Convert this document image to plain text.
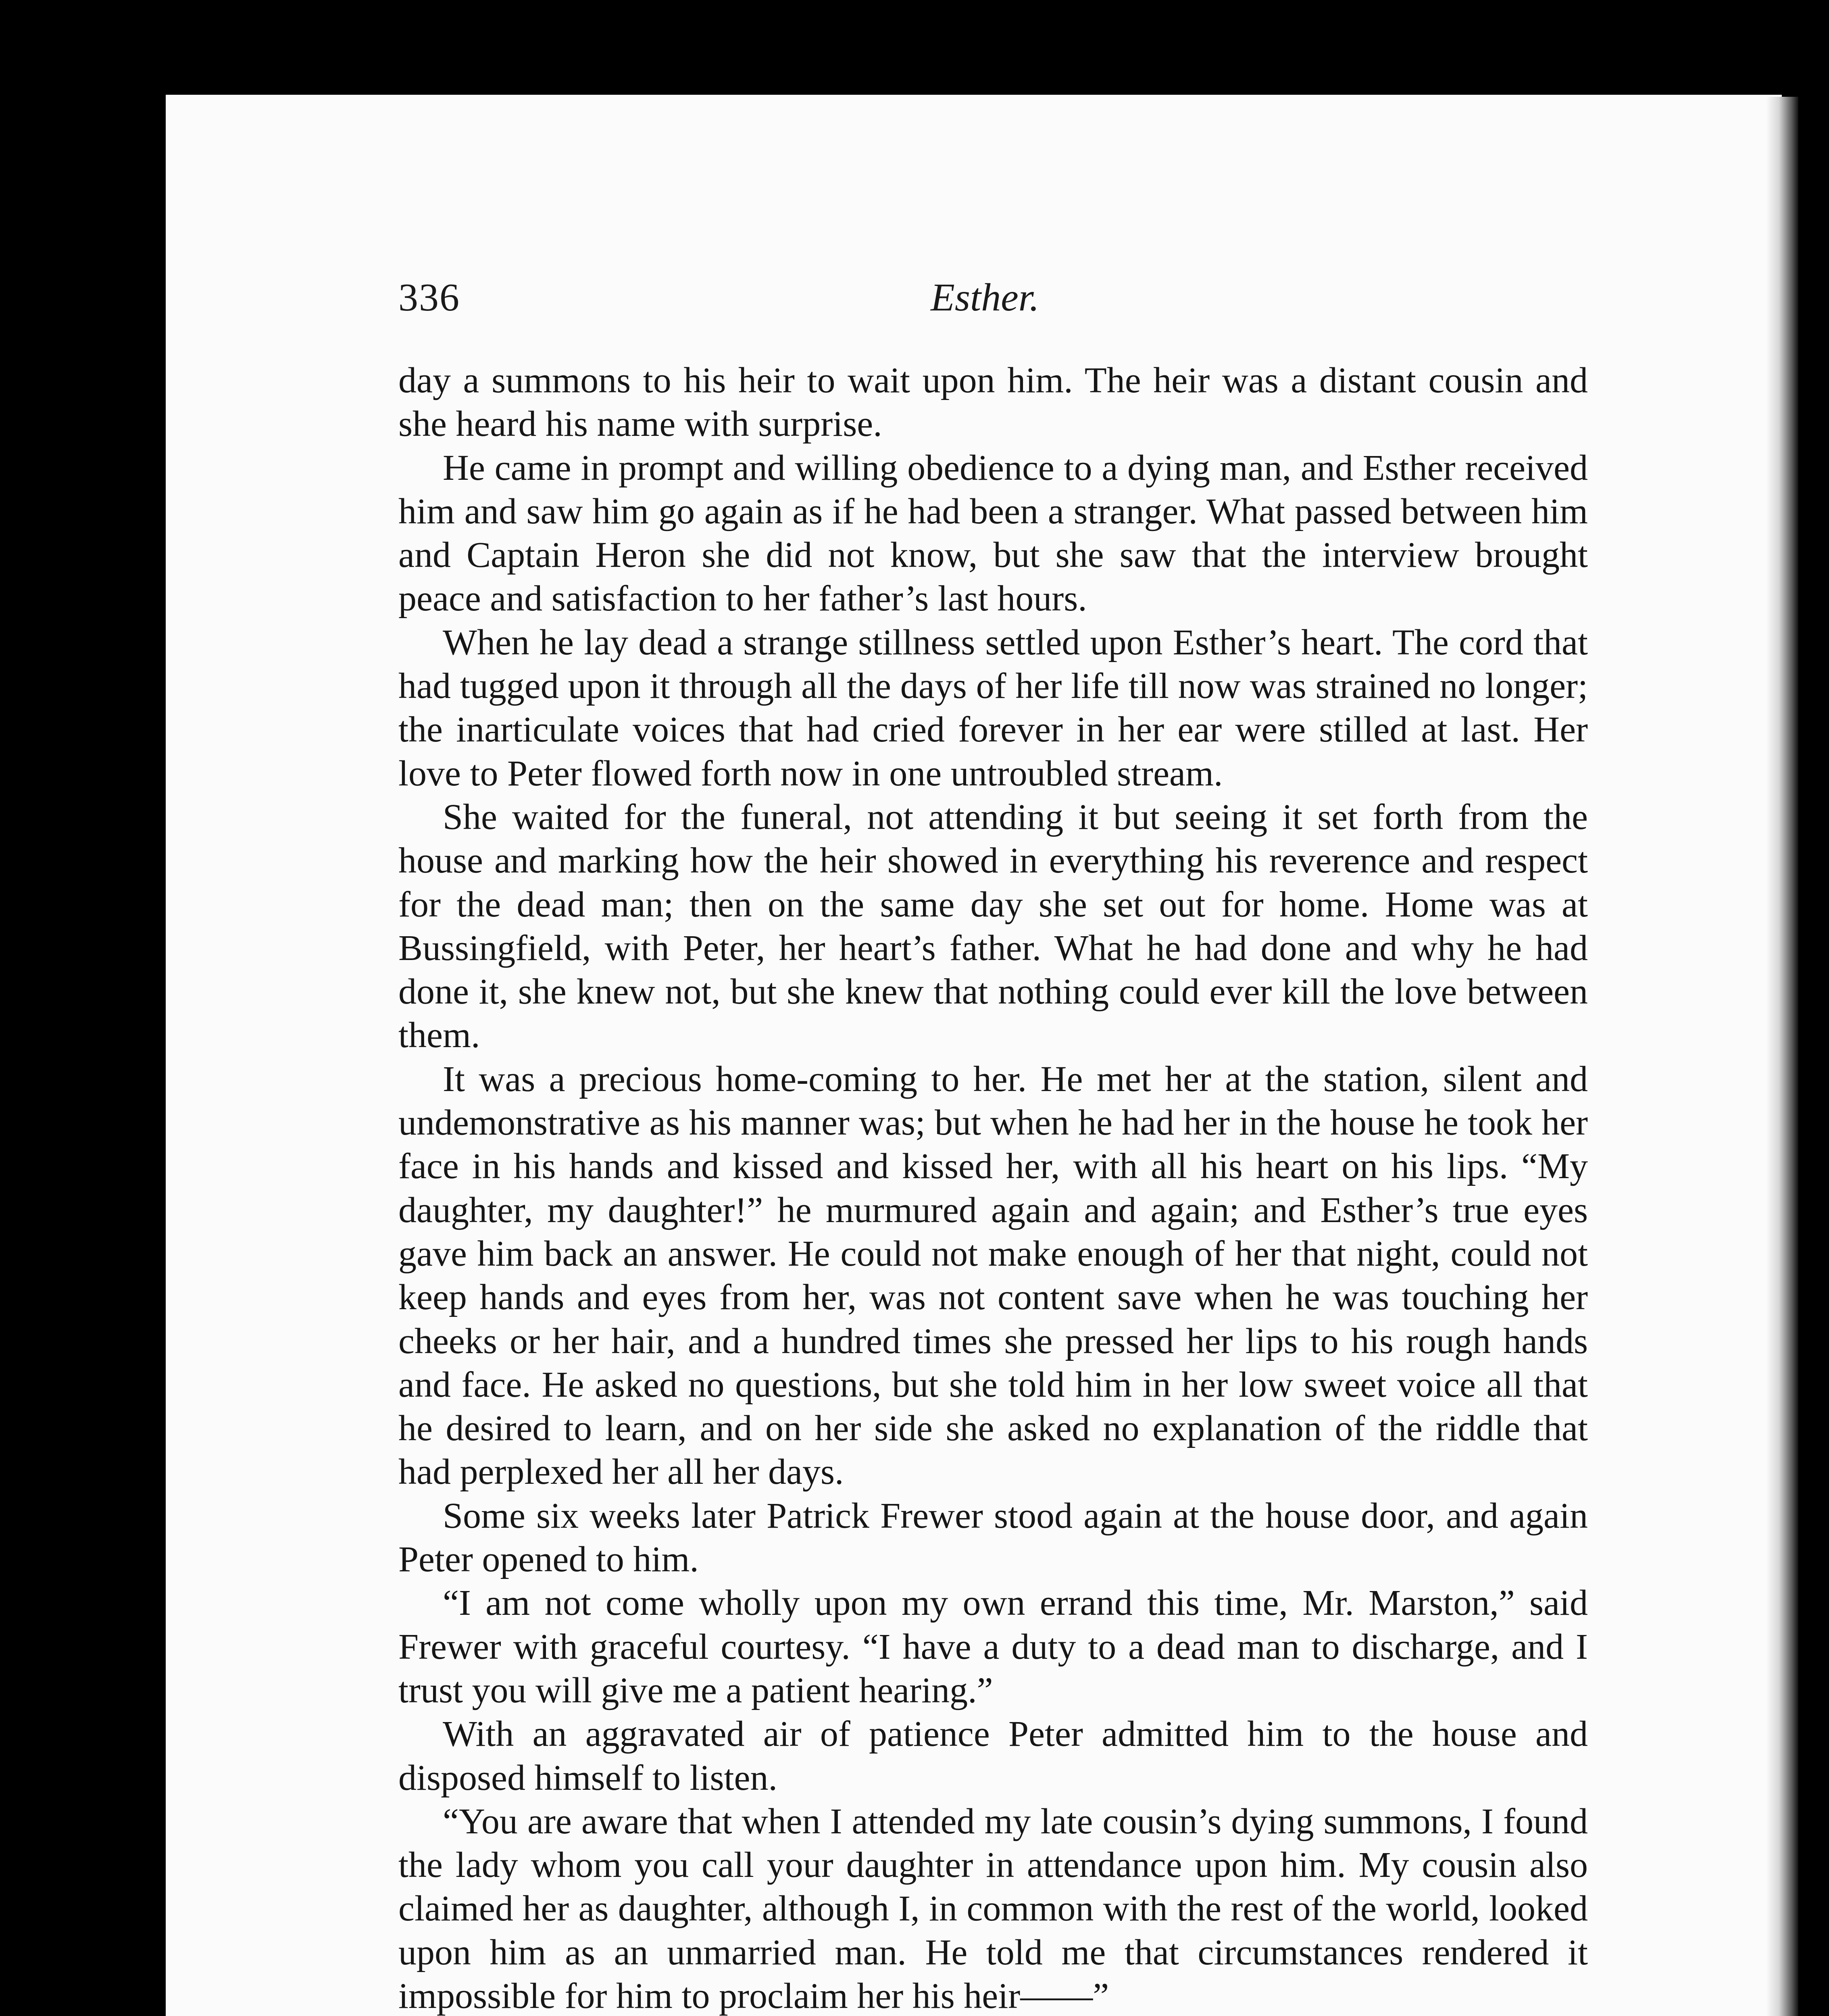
336	Esther.

day a summons to his heir to wait upon him. The heir was a distant cousin and she heard his name with surprise.

He came in prompt and willing obedience to a dying man, and Esther received him and saw him go again as if he had been a stranger. What passed between him and Captain Heron she did not know, but she saw that the interview brought peace and satisfaction to her father’s last hours.

When he lay dead a strange stillness settled upon Esther’s heart. The cord that had tugged upon it through all the days of her life till now was strained no longer; the inarticulate voices that had cried forever in her ear were stilled at last. Her love to Peter flowed forth now in one untroubled stream.

She waited for the funeral, not attending it but seeing it set forth from the house and marking how the heir showed in everything his reverence and respect for the dead man; then on the same day she set out for home. Home was at Bussingfield, with Peter, her heart’s father. What he had done and why he had done it, she knew not, but she knew that nothing could ever kill the love between them.

It was a precious home-coming to her. He met her at the station, silent and undemonstrative as his manner was; but when he had her in the house he took her face in his hands and kissed and kissed her, with all his heart on his lips. “My daughter, my daughter!” he murmured again and again; and Esther’s true eyes gave him back an answer. He could not make enough of her that night, could not keep hands and eyes from her, was not content save when he was touching her cheeks or her hair, and a hundred times she pressed her lips to his rough hands and face. He asked no questions, but she told him in her low sweet voice all that he desired to learn, and on her side she asked no explanation of the riddle that had perplexed her all her days.

Some six weeks later Patrick Frewer stood again at the house door, and again Peter opened to him.

“I am not come wholly upon my own errand this time, Mr. Marston,” said Frewer with graceful courtesy. “I have a duty to a dead man to discharge, and I trust you will give me a patient hearing.”

With an aggravated air of patience Peter admitted him to the house and disposed himself to listen.

“You are aware that when I attended my late cousin’s dying summons, I found the lady whom you call your daughter in attendance upon him. My cousin also claimed her as daughter, although I, in common with the rest of the world, looked upon him as an unmarried man. He told me that circumstances rendered it impossible for him to proclaim her his heir——”
